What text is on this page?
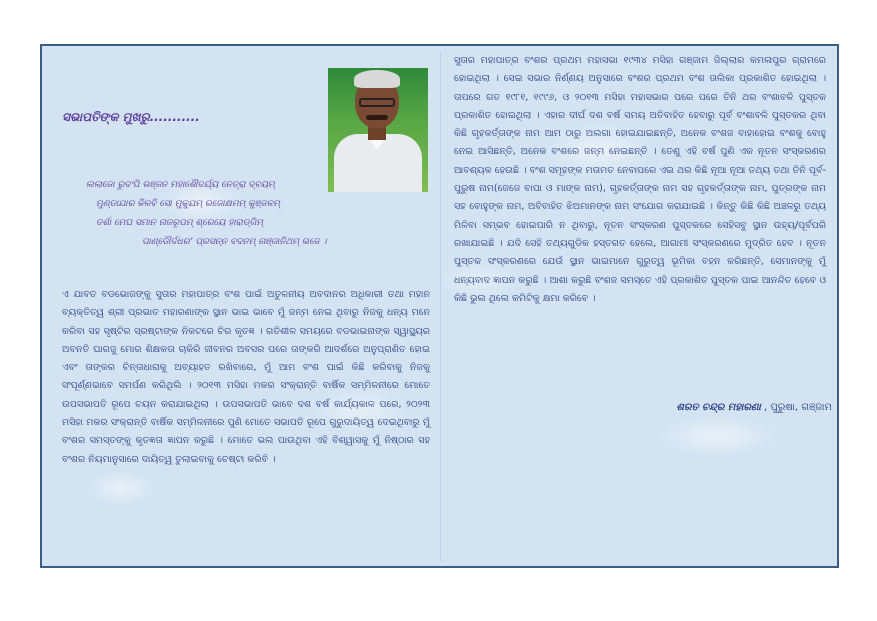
ସଭାପତିଙ୍କ ମୁଖରୁ...........
ଲଲାଜୋ ରୁଦଂପି ଭଞ୍ଜନ ମହାଶୌଦର୍ଯ୍ୟ ନେତ୍ରା ଦ୍ବୟମ୍
ମୁଣ୍ଡାଯାର କିଳବି ସୋ ମୁକୁଯମ୍ ରଜୋକ୍ଷମମ୍ କୁଞ୍ଜଳମ୍
ତର୍ଶା ମେଘ ସମାନ ନାଜରୂପମ୍ ଶ୍ରେୟେ ହାରାଡ୍ଗିମ୍
ପାଣ୍ଡୌର୍ଦଧର’ ପ୍ରସନ୍ନ ବଦନମ୍ ନାଞ୍ଜାନିଥମ୍ ଭଜେ ।
ଏ ଯାବତ ବଡଭୋଜଙ୍କୁ ସୁତାର ମହାପାତ୍ର ବଂଶ ପାଇଁ ଅତୁଳନୀୟ ଅବଦାନର ଅଧିକାରୀ ତଥା ମହାନ ବ୍ୟକ୍ତିତ୍ୱ ଶ୍ରୀ ପ୍ରଭାତ ମହାରଣାଙ୍କ ସ୍ଥାନ ଭାଇ ଭାବେ ମୁଁ ଜନ୍ମ ନେଇ ଥିବାରୁ ନିଜକୁ ଧନ୍ୟ ମନେ କରିବା ସହ ସୃଷ୍ଟିର ସ୍ରଷ୍ଟାଙ୍କ ନିକଟରେ ଚିର କୃତଜ୍ଞ । ଗତିଶୀଳ ସମୟରେ ବଡଭାଇନାଙ୍କ ସ୍ୱାସ୍ଥ୍ୟର ଅବନତି ଘାଗଜୁ ମୋର ଶିକ୍ଷକତା ଚାକିରି ଜୀବନର ଅବସର ପରେ ତାଙ୍କରି ଆଦର୍ଶରେ ଅନୁପ୍ରାଣିତ ହୋଇ ଏବଂ ତାଙ୍କର ଚିନ୍ତାଧାରାକୁ ଅବ୍ୟାହତ ରଖିବାରେ, ମୁଁ ଆମ ବଂଶ ପାଇଁ କିଛି କରିବାକୁ ନିଜକୁ ସଂପୂର୍ଣ୍ଣଭାବେ ସମର୍ପଣ କରିଥିଲି । ୨୦୧୩ ମସିହା ମକର ସଂକ୍ରାନ୍ତି ବାର୍ଷିକ ସମ୍ମିଳନୀରେ ମୋତେ ଉପସଭାପତି ରୂପେ ଚୟନ କରାଯାଇଥିଲା । ଉପସଭାପତି ଭାବେ ଦଶ ବର୍ଷ କାର୍ଯ୍ୟକାଳ ପରେ, ୨୦୨୩ ମସିହା ମକର ସଂକ୍ରାନ୍ତି ବାର୍ଷିକ ସମ୍ମିଳନୀରେ ପୁଣି ମୋତେ ସଭାପତି ରୂପେ ଗୁରୁଦାୟିତ୍ୱ ଦେଇଥିବାରୁ ମୁଁ ବଂଶର ସମସ୍ତଙ୍କୁ କୃତଜ୍ଞତା ଜ୍ଞାପନ କରୁଛି । ମୋତେ ଭଲ ପାଉଥିବା ଏହି ବିଶ୍ୱାସକୁ ମୁଁ ନିଷ୍ଠାର ସହ ବଂଶର ନିୟମାନୁସାରେ ଦାୟିତ୍ୱ ତୁଲାଇବାକୁ ଚେଷ୍ଟା କରିବି ।
ସୁତାର ମହାପାତ୍ର ବଂଶର ପ୍ରଥମ ମହାସଭା ୧୯୩୪ ମସିହା ଗଞ୍ଜାମ ଜିଲ୍ଲାର କମଳାପୁର ଗ୍ରାମରେ ହୋଇଥିଲା । ସେଇ ସଭାର ନିର୍ଣ୍ଣୟ ଅନୁସାରେ ବଂଶର ପ୍ରଥମ ବଂଶ ତାଲିକା ପ୍ରକାଶିତ ହୋଇଥିଲା । ତାପରେ ଗତ ୧୯୮୧, ୧୯୯୬, ଓ ୨୦୧୩ ମସିହା ମହାସଭାର ପରେ ପରେ ତିନି ଥର ବଂଶାବଳି ପୁସ୍ତକ ପ୍ରକାଶିତ ହୋଇଥିଲା । ଏହାର ଦୀର୍ଘ ଦଶ ବର୍ଷ ସମୟ ଅତିବାହିତ ହେବାରୁ ପୂର୍ବ ବଂଶାବଳି ପୁସ୍ତକର ଥିବା କିଛି ଗୃହକର୍ତ୍ତାଙ୍କ ନାମ ଆମ ଠାରୁ ଅଲଗା ହୋଇଯାଇଛନ୍ତି, ଅନେକ ବଂଶଜ ବାହାହୋଇ ବଂଶକୁ ବୋହୁ ନେଇ ଆସିଛନ୍ତି, ଅନେକ ବଂଶରେ ଜନ୍ମ ନେଇଛନ୍ତି । ତେଣୁ ଏହି ବର୍ଷ ପୁଣି ଏକ ନୂତନ ସଂସ୍କରଣର ଆବଶ୍ୟକ ହେଉଛି । ବଂଶ ସମୂହଙ୍କ ମତାମତ ନେବାପରେ ଏଇ ଥର କିଛି ନୂଆ ନୂଆ ତଥ୍ୟ ତଥା ତିନି ପୂର୍ବ-ପୁରୁଷ ନାମ(ଜେଜେ ବାପା ଓ ମାଙ୍କ ନାମ), ଗୃହକର୍ତ୍ତାଙ୍କ ନାମ ସହ ଗୃହକର୍ତ୍ତାଙ୍କ ନାମ, ପୁତ୍ରଙ୍କ ନାମ ସହ ବୋହୁଙ୍କ ନାମ, ଅବିବାହିତ ଝିଅମାନଙ୍କ ନାମ ସଂଯୋଗ କରାଯାଇଛି । କିନ୍ତୁ କିଛି କିଛି ଅଞ୍ଚଳରୁ ତଥ୍ୟ ମିଳିବା ସମ୍ଭବ ହୋଇପାରି ନ ଥିବାରୁ, ନୂତନ ସଂସ୍କରଣ ପୁସ୍ତକରେ ସେହିସବୁ ସ୍ଥାନ ଉହ୍ୟ/ପୂର୍ବପରି ରଖାଯାଇଛି । ଯଦି ସେହି ତଥ୍ୟଗୁଡିକ ହସ୍ତଗତ ହେଲେ, ଆଗାମୀ ସଂସ୍କରଣରେ ମୁଦ୍ରିତ ହେବ । ନୂତନ ପୁସ୍ତକ ସଂସ୍କରଣରେ ଯେଉଁ ସ୍ଥାନ ଭାଇମାନେ ଗୁରୁତ୍ୱ ଭୂମିକା ବହନ କରିଛନ୍ତି, ସେମାନଙ୍କୁ ମୁଁ ଧନ୍ୟବାଦ ଜ୍ଞାପନ କରୁଛି । ଆଶା କରୁଛି ବଂଶଜ ସମସ୍ତେ ଏହି ପ୍ରକାଶିତ ପୁସ୍ତକ ପାଇ ଆନନ୍ଦିତ ହେବେ ଓ କିଛି ଭୁଲ ଥିଲେ କମିଟିକୁ କ୍ଷମା କରିବେ ।
ଶରତ ଚନ୍ଦ୍ର ମହାରଣା , ପୁରୁଷା, ଗଞ୍ଜାମ
